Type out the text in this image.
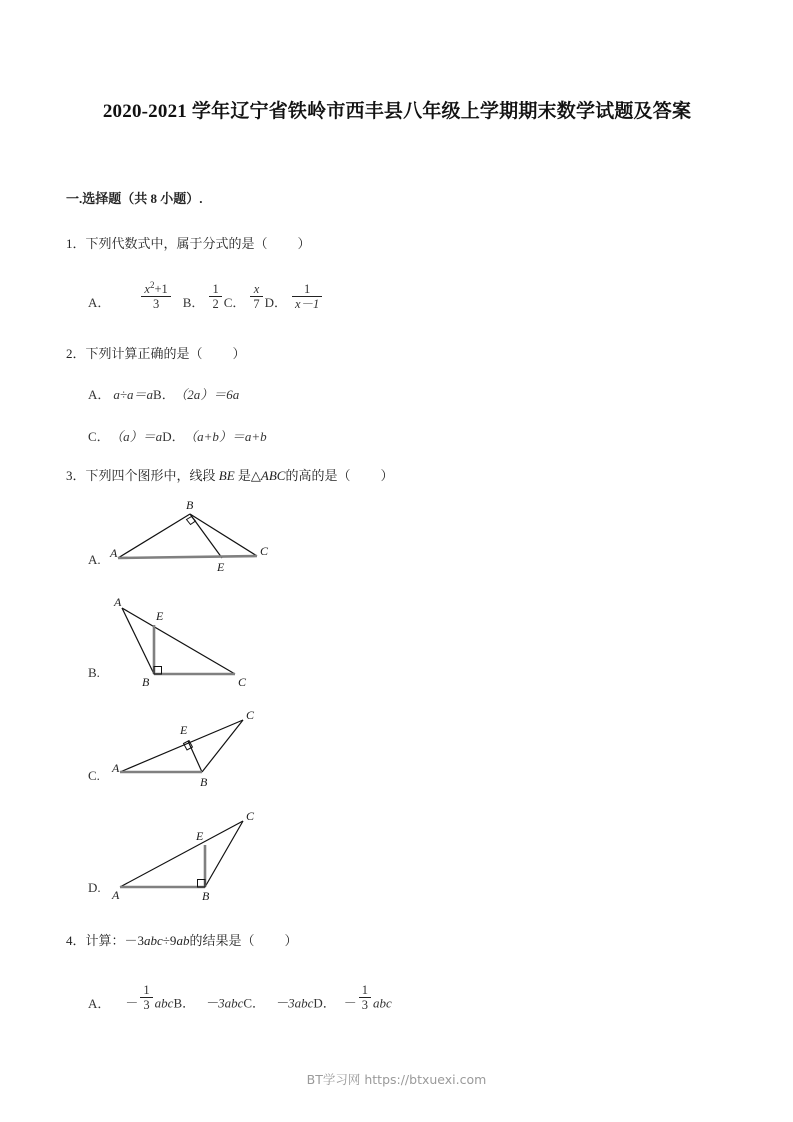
2020-2021 学年辽宁省铁岭市西丰县八年级上学期期末数学试题及答案
一.选择题（共 8 小题）.
1．下列代数式中，属于分式的是（ ）
A． $\frac{x^2+1}{3}$ B． $\frac{1}{2}$ C． $\frac{x}{7}$ D． $\frac{1}{x-1}$
2．下列计算正确的是（ ）
A． a÷a＝aB． （2a）＝6a
C． （a）＝aD． （a+b）＝a+b
3．下列四个图形中，线段 BE 是△ABC的高的是（ ）
A.
B
A	C
E
B.
A
B	C
E
C. A
B
C
E
D. A	B
C
E
4．计算：－3abc÷9ab的结果是（ ）
A． － $\frac{1}{3}$ abcB． －3abcC． －3abcD． － $\frac{1}{3}$ abc
BT学习网 https://btxuexi.com
